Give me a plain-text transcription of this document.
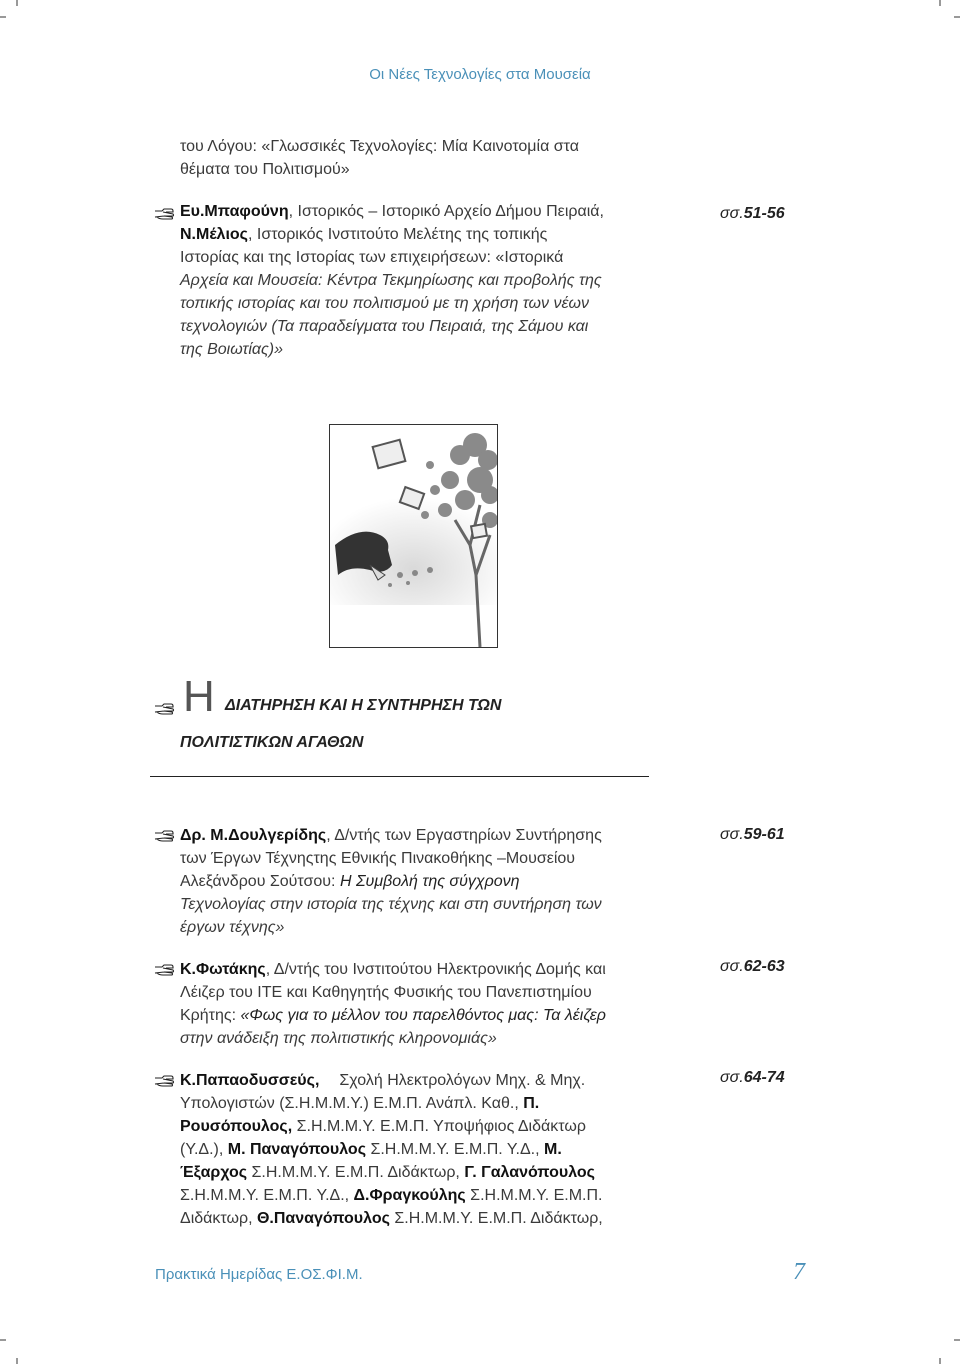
Οι Νέες Τεχνολογίες στα Μουσεία
του Λόγου: «Γλωσσικές Τεχνολογίες: Μία Καινοτομία στα
θέματα του Πολιτισμού»
Ευ.Μπαφούνη, Ιστορικός – Ιστορικό Αρχείο Δήμου Πειραιά,
Ν.Μέλιος, Ιστορικός Ινστιτούτο Μελέτης της τοπικής
Ιστορίας και της Ιστορίας των επιχειρήσεων: «Ιστορικά
Αρχεία και Μουσεία: Κέντρα Τεκμηρίωσης και προβολής της
τοπικής ιστορίας και του πολιτισμού με τη χρήση των νέων
τεχνολογιών (Τα παραδείγματα του Πειραιά, της Σάμου και
της Βοιωτίας)»
σσ.51-56
Η ΔΙΑΤΗΡΗΣΗ ΚΑΙ Η ΣΥΝΤΗΡΗΣΗ ΤΩΝ
ΠΟΛΙΤΙΣΤΙΚΩΝ ΑΓΑΘΩΝ
Δρ. Μ.Δουλγερίδης, Δ/ντής των Εργαστηρίων Συντήρησης
των Έργων Τέχνηςτης Εθνικής Πινακοθήκης –Μουσείου
Αλεξάνδρου Σούτσου: Η Συμβολή της σύγχρονη
Τεχνολογίας στην ιστορία της τέχνης και στη συντήρηση των
έργων τέχνης»
σσ.59-61
Κ.Φωτάκης, Δ/ντής του Ινστιτούτου Ηλεκτρονικής Δομής και
Λέιζερ του ΙΤΕ και Καθηγητής Φυσικής του Πανεπιστημίου
Κρήτης: «Φως για το μέλλον του παρελθόντος μας: Τα λέιζερ
στην ανάδειξη της πολιτιστικής κληρονομιάς»
σσ.62-63
Κ.Παπαοδυσσεύς, Σχολή Ηλεκτρολόγων Μηχ. & Μηχ.
Υπολογιστών (Σ.Η.Μ.Μ.Υ.) Ε.Μ.Π. Ανάπλ. Καθ., Π.
Ρουσόπουλος, Σ.Η.Μ.Μ.Υ. Ε.Μ.Π. Υποψήφιος Διδάκτωρ
(Υ.Δ.), Μ. Παναγόπουλος Σ.Η.Μ.Μ.Υ. Ε.Μ.Π. Υ.Δ., Μ.
Έξαρχος Σ.Η.Μ.Μ.Υ. Ε.Μ.Π. Διδάκτωρ, Γ. Γαλανόπουλος
Σ.Η.Μ.Μ.Υ. Ε.Μ.Π. Υ.Δ., Δ.Φραγκούλης Σ.Η.Μ.Μ.Υ. Ε.Μ.Π.
Διδάκτωρ, Θ.Παναγόπουλος Σ.Η.Μ.Μ.Υ. Ε.Μ.Π. Διδάκτωρ,
σσ.64-74
Πρακτικά Ημερίδας Ε.ΟΣ.ΦΙ.Μ.	7
